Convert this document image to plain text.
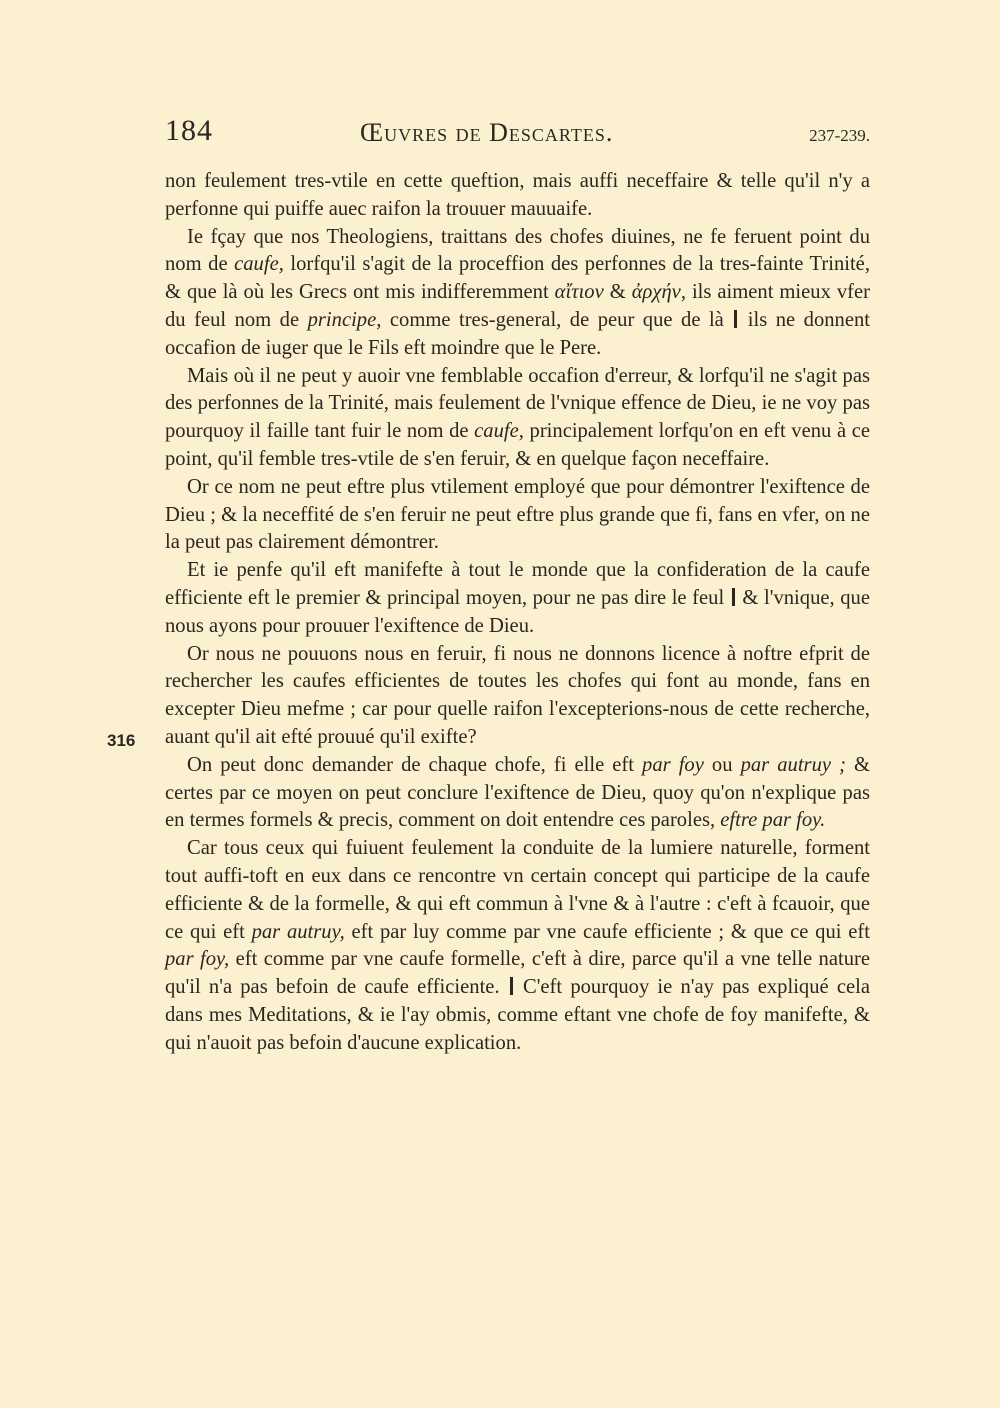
184	Œuvres de Descartes.	237-239.
316

non feulement tres-vtile en cette queftion, mais auffi neceffaire & telle qu'il n'y a perfonne qui puiffe auec raifon la trouuer mauuaife.

Ie fçay que nos Theologiens, traittans des chofes diuines, ne fe feruent point du nom de caufe, lorfqu'il s'agit de la proceffion des perfonnes de la tres-fainte Trinité, & que là où les Grecs ont mis indifferemment αἴτιον & ἀρχήν, ils aiment mieux vfer du feul nom de principe, comme tres-general, de peur que de là  ils ne donnent occafion de iuger que le Fils eft moindre que le Pere.

Mais où il ne peut y auoir vne femblable occafion d'erreur, & lorfqu'il ne s'agit pas des perfonnes de la Trinité, mais feulement de l'vnique effence de Dieu, ie ne voy pas pourquoy il faille tant fuir le nom de caufe, principalement lorfqu'on en eft venu à ce point, qu'il femble tres-vtile de s'en feruir, & en quelque façon neceffaire.

Or ce nom ne peut eftre plus vtilement employé que pour démontrer l'exiftence de Dieu ; & la neceffité de s'en feruir ne peut eftre plus grande que fi, fans en vfer, on ne la peut pas clairement démontrer.

Et ie penfe qu'il eft manifefte à tout le monde que la confideration de la caufe efficiente eft le premier & principal moyen, pour ne pas dire le feul  & l'vnique, que nous ayons pour prouuer l'exiftence de Dieu.

Or nous ne pouuons nous en feruir, fi nous ne donnons licence à noftre efprit de rechercher les caufes efficientes de toutes les chofes qui font au monde, fans en excepter Dieu mefme ; car pour quelle raifon l'excepterions-nous de cette recherche, auant qu'il ait efté prouué qu'il exifte?

On peut donc demander de chaque chofe, fi elle eft par foy ou par autruy ; & certes par ce moyen on peut conclure l'exiftence de Dieu, quoy qu'on n'explique pas en termes formels & precis, comment on doit entendre ces paroles, eftre par foy.

Car tous ceux qui fuiuent feulement la conduite de la lumiere naturelle, forment tout auffi-toft en eux dans ce rencontre vn certain concept qui participe de la caufe efficiente & de la formelle, & qui eft commun à l'vne & à l'autre : c'eft à fcauoir, que ce qui eft par autruy, eft par luy comme par vne caufe efficiente ; & que ce qui eft par foy, eft comme par vne caufe formelle, c'eft à dire, parce qu'il a vne telle nature qu'il n'a pas befoin de caufe efficiente.  C'eft pourquoy ie n'ay pas expliqué cela dans mes Meditations, & ie l'ay obmis, comme eftant vne chofe de foy manifefte, & qui n'auoit pas befoin d'aucune explication.
